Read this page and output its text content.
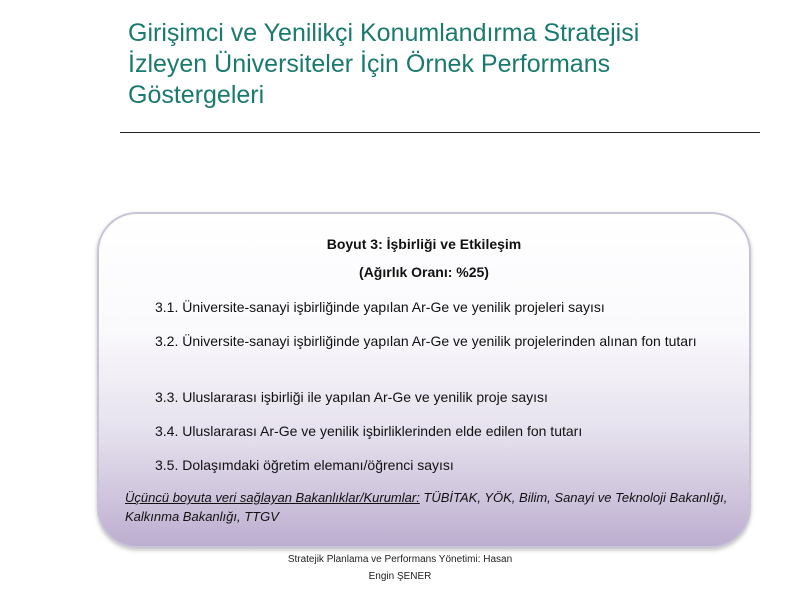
Girişimci ve Yenilikçi Konumlandırma Stratejisi
İzleyen Üniversiteler İçin Örnek Performans
Göstergeleri
Boyut 3: İşbirliği ve Etkileşim
(Ağırlık Oranı: %25)
3.1. Üniversite-sanayi işbirliğinde yapılan Ar-Ge ve yenilik projeleri sayısı
3.2. Üniversite-sanayi işbirliğinde yapılan Ar-Ge ve yenilik projelerinden alınan fon tutarı
3.3. Uluslararası işbirliği ile yapılan Ar-Ge ve yenilik proje sayısı
3.4. Uluslararası Ar-Ge ve yenilik işbirliklerinden elde edilen fon tutarı
3.5. Dolaşımdaki öğretim elemanı/öğrenci sayısı
Üçüncü boyuta veri sağlayan Bakanlıklar/Kurumlar: TÜBİTAK, YÖK, Bilim, Sanayi ve Teknoloji Bakanlığı, Kalkınma Bakanlığı, TTGV
Stratejik Planlama ve Performans Yönetimi: Hasan
Engin ŞENER
